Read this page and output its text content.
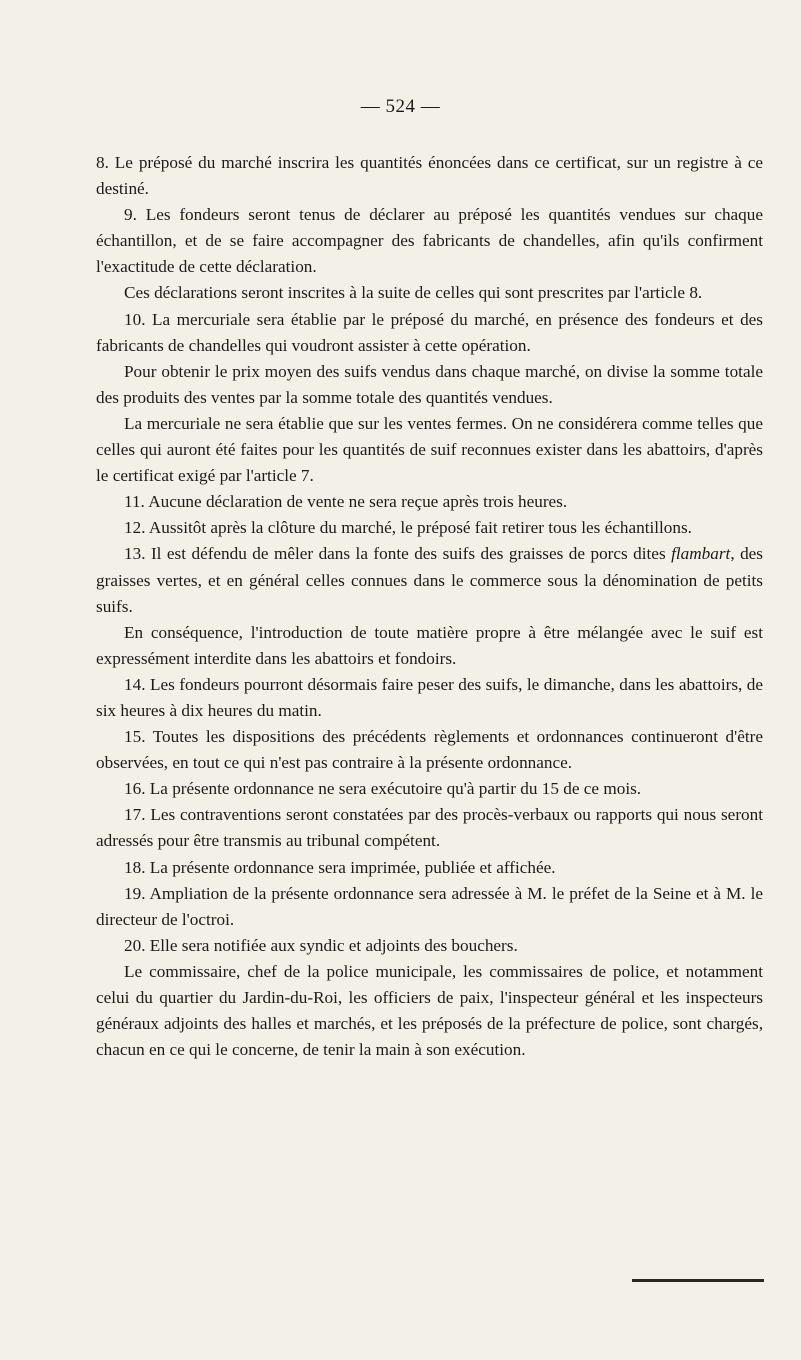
— 524 —

8. Le préposé du marché inscrira les quantités énoncées dans ce certificat, sur un registre à ce destiné.

9. Les fondeurs seront tenus de déclarer au préposé les quantités vendues sur chaque échantillon, et de se faire accompagner des fabricants de chandelles, afin qu'ils confirment l'exactitude de cette déclaration.

Ces déclarations seront inscrites à la suite de celles qui sont prescrites par l'article 8.

10. La mercuriale sera établie par le préposé du marché, en présence des fondeurs et des fabricants de chandelles qui voudront assister à cette opération.

Pour obtenir le prix moyen des suifs vendus dans chaque marché, on divise la somme totale des produits des ventes par la somme totale des quantités vendues.

La mercuriale ne sera établie que sur les ventes fermes. On ne considérera comme telles que celles qui auront été faites pour les quantités de suif reconnues exister dans les abattoirs, d'après le certificat exigé par l'article 7.

11. Aucune déclaration de vente ne sera reçue après trois heures.

12. Aussitôt après la clôture du marché, le préposé fait retirer tous les échantillons.

13. Il est défendu de mêler dans la fonte des suifs des graisses de porcs dites flambart, des graisses vertes, et en général celles connues dans le commerce sous la dénomination de petits suifs.

En conséquence, l'introduction de toute matière propre à être mélangée avec le suif est expressément interdite dans les abattoirs et fondoirs.

14. Les fondeurs pourront désormais faire peser des suifs, le dimanche, dans les abattoirs, de six heures à dix heures du matin.

15. Toutes les dispositions des précédents règlements et ordonnances continueront d'être observées, en tout ce qui n'est pas contraire à la présente ordonnance.

16. La présente ordonnance ne sera exécutoire qu'à partir du 15 de ce mois.

17. Les contraventions seront constatées par des procès-verbaux ou rapports qui nous seront adressés pour être transmis au tribunal compétent.

18. La présente ordonnance sera imprimée, publiée et affichée.

19. Ampliation de la présente ordonnance sera adressée à M. le préfet de la Seine et à M. le directeur de l'octroi.

20. Elle sera notifiée aux syndic et adjoints des bouchers.

Le commissaire, chef de la police municipale, les commissaires de police, et notamment celui du quartier du Jardin-du-Roi, les officiers de paix, l'inspecteur général et les inspecteurs généraux adjoints des halles et marchés, et les préposés de la préfecture de police, sont chargés, chacun en ce qui le concerne, de tenir la main à son exécution.
